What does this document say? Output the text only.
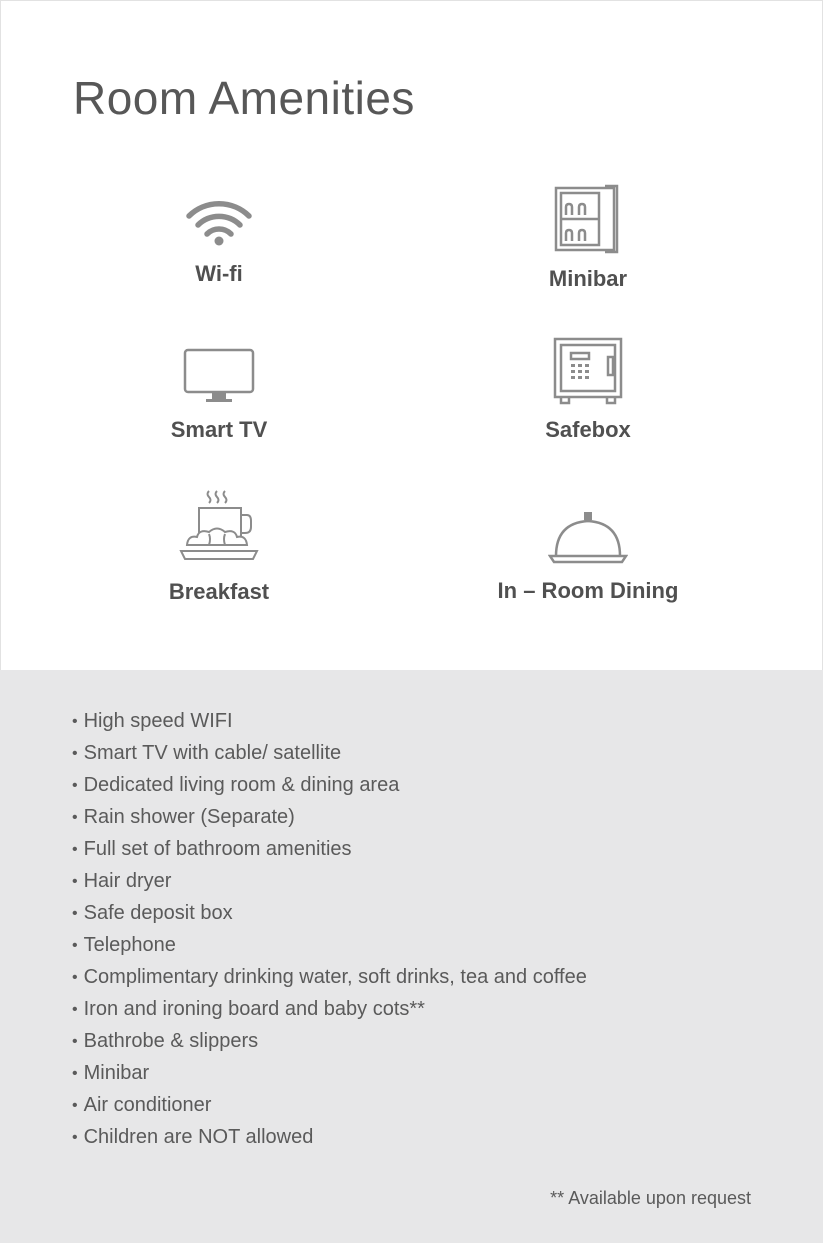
Room Amenities
Wi-fi	Minibar
Smart TV	Safebox
Breakfast	In – Room Dining
• High speed WIFI
• Smart TV with cable/ satellite
• Dedicated living room & dining area
• Rain shower (Separate)
• Full set of bathroom amenities
• Hair dryer
• Safe deposit box
• Telephone
• Complimentary drinking water, soft drinks, tea and coffee
• Iron and ironing board and baby cots**
• Bathrobe & slippers
• Minibar
• Air conditioner
• Children are NOT allowed
** Available upon request
